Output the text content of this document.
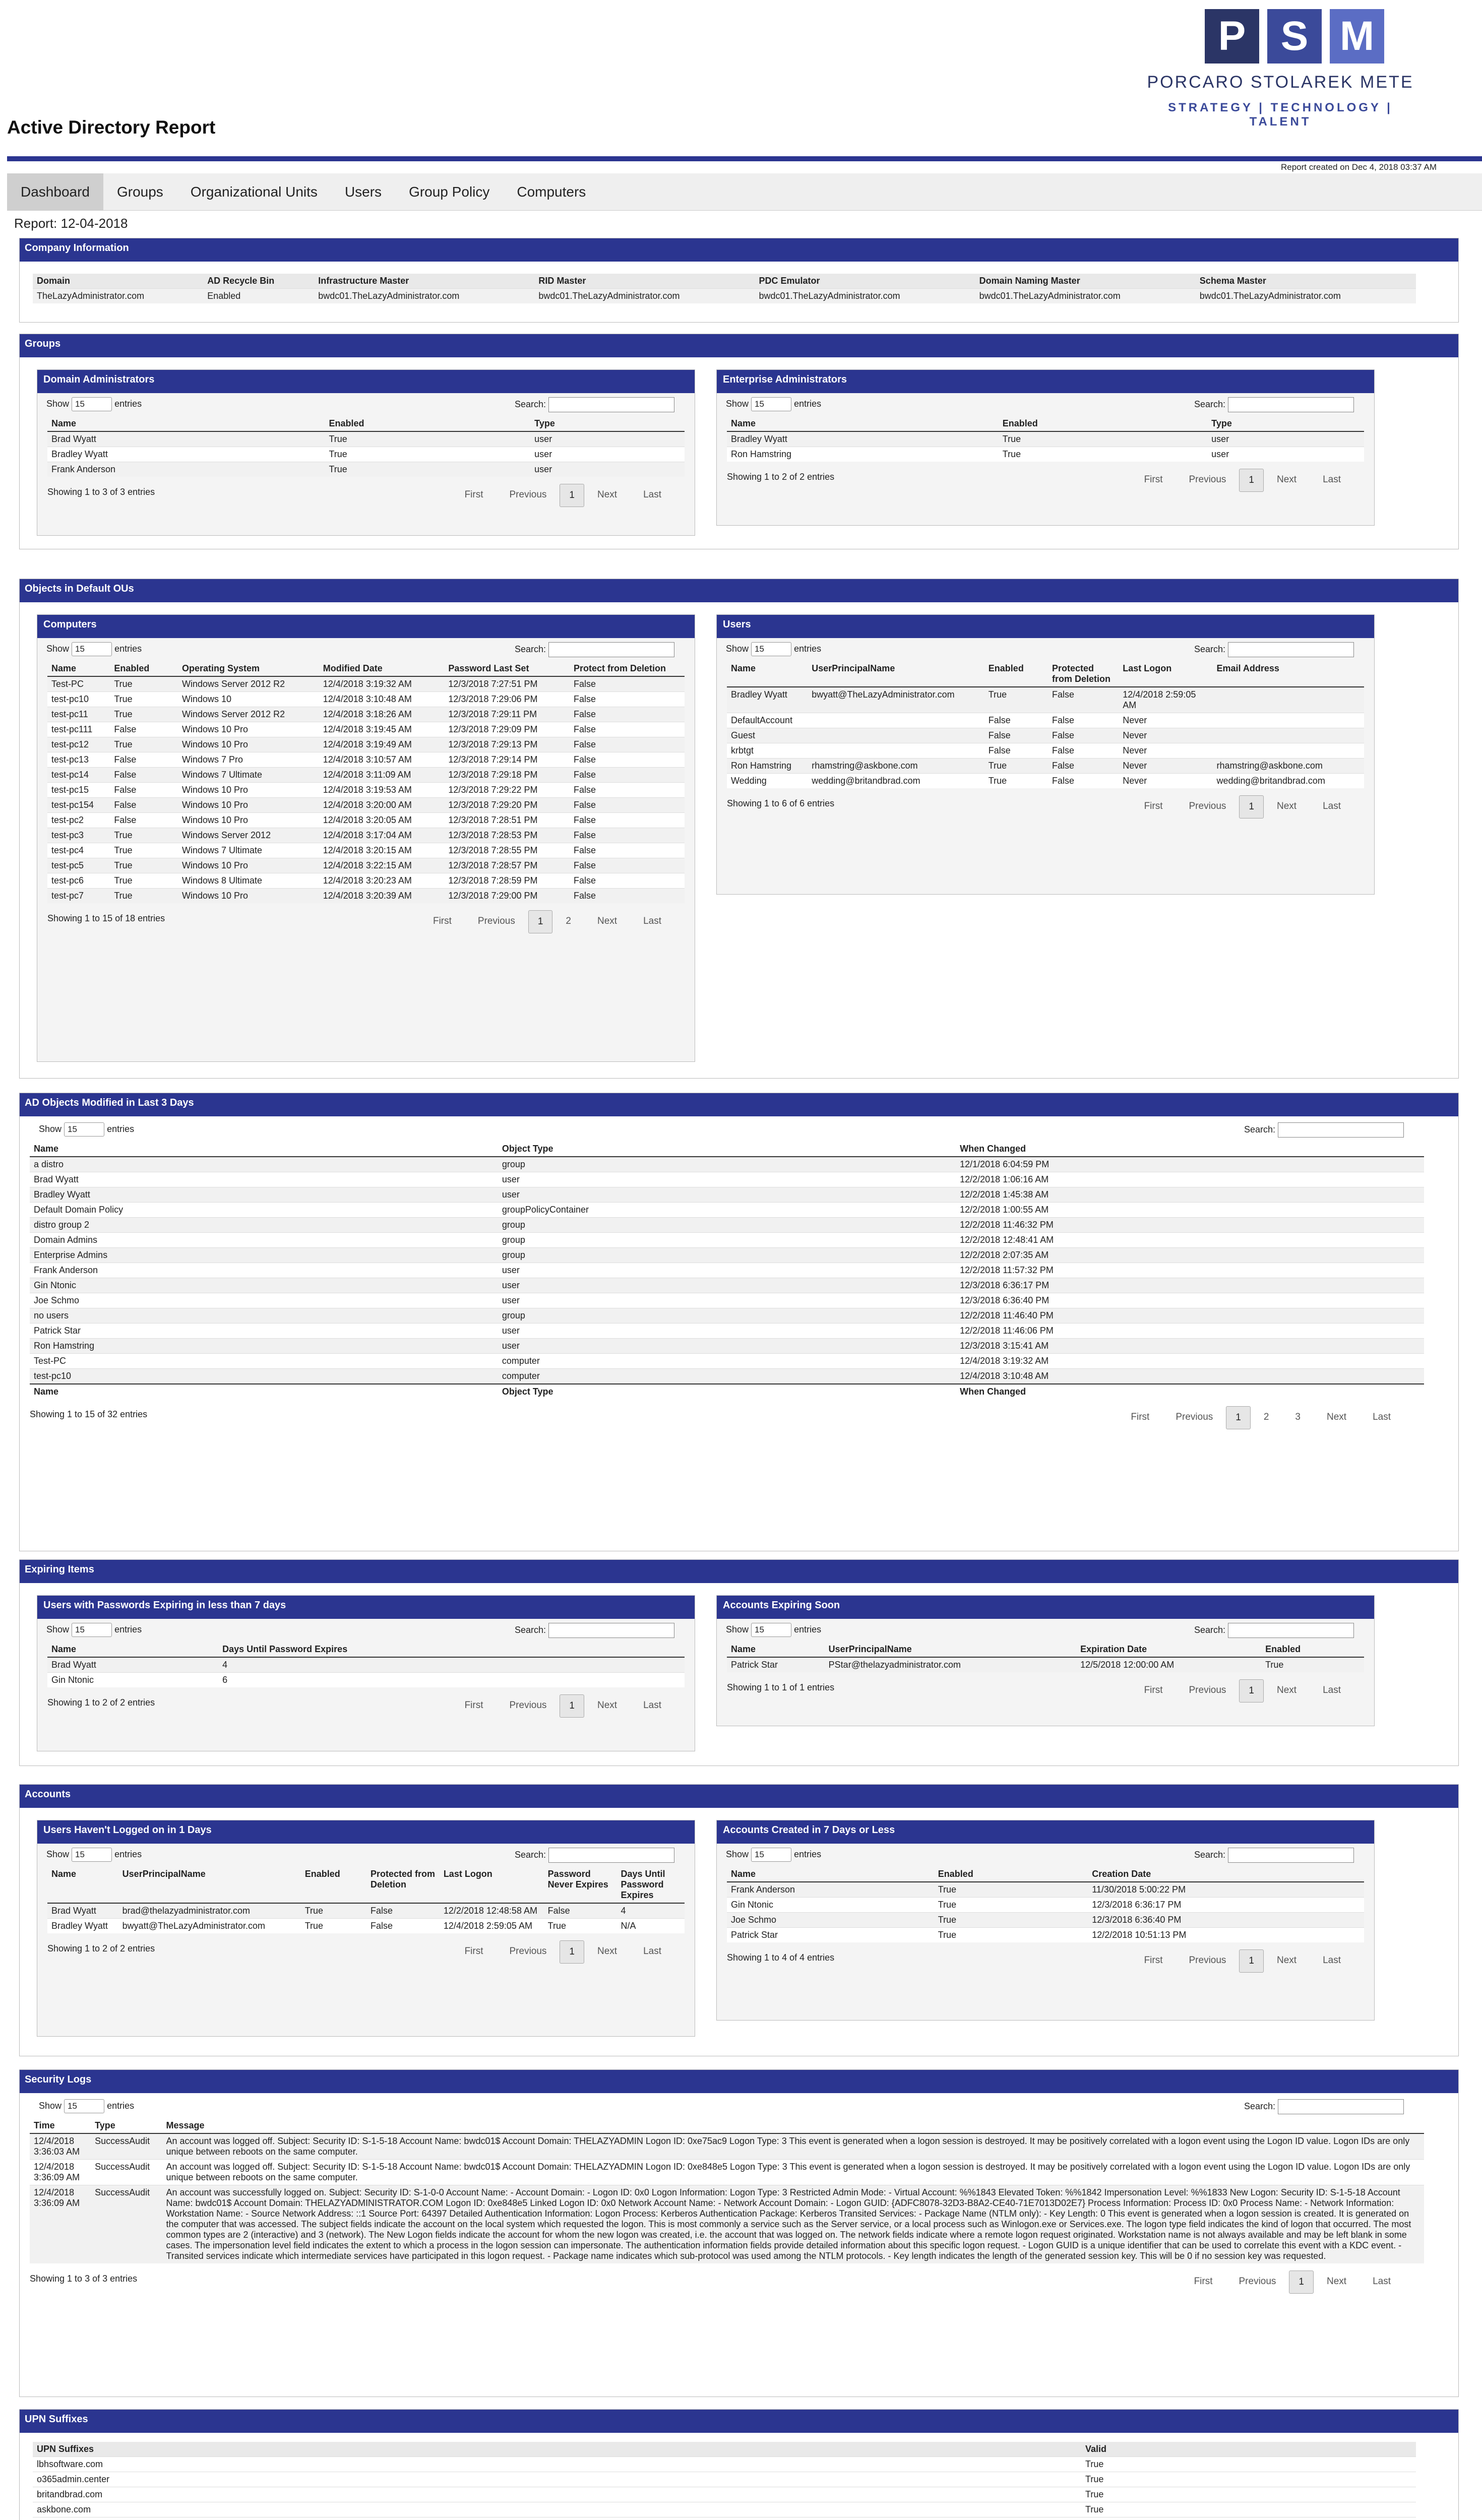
P S M
PORCARO STOLAREK METE
STRATEGY | TECHNOLOGY | TALENT
Active Directory Report
Report created on Dec 4, 2018 03:37 AM
Dashboard	Groups	Organizational Units	Users	Group Policy	Computers
Report: 12-04-2018
Company Information
Domain	AD Recycle Bin	Infrastructure Master	RID Master	PDC Emulator	Domain Naming Master	Schema Master
TheLazyAdministrator.com	Enabled	bwdc01.TheLazyAdministrator.com	bwdc01.TheLazyAdministrator.com	bwdc01.TheLazyAdministrator.com	bwdc01.TheLazyAdministrator.com	bwdc01.TheLazyAdministrator.com
Groups
Domain Administrators
Show 15	entries	Search:
Name	Enabled	Type
Brad Wyatt	True	user
Bradley Wyatt	True	user
Frank Anderson	True	user
Showing 1 to 3 of 3 entries	First	Previous	1	Next	Last
Enterprise Administrators
Show 15	entries	Search:
Name	Enabled	Type
Bradley Wyatt	True	user
Ron Hamstring	True	user
Showing 1 to 2 of 2 entries	First	Previous	1	Next	Last
Objects in Default OUs
Computers
Show 15	entries	Search:
Name	Enabled	Operating System	Modified Date	Password Last Set	Protect from Deletion
Test-PC	True	Windows Server 2012 R2	12/4/2018 3:19:32 AM	12/3/2018 7:27:51 PM	False
test-pc10	True	Windows 10	12/4/2018 3:10:48 AM	12/3/2018 7:29:06 PM	False
test-pc11	True	Windows Server 2012 R2	12/4/2018 3:18:26 AM	12/3/2018 7:29:11 PM	False
test-pc111	False	Windows 10 Pro	12/4/2018 3:19:45 AM	12/3/2018 7:29:09 PM	False
test-pc12	True	Windows 10 Pro	12/4/2018 3:19:49 AM	12/3/2018 7:29:13 PM	False
test-pc13	False	Windows 7 Pro	12/4/2018 3:10:57 AM	12/3/2018 7:29:14 PM	False
test-pc14	False	Windows 7 Ultimate	12/4/2018 3:11:09 AM	12/3/2018 7:29:18 PM	False
test-pc15	False	Windows 10 Pro	12/4/2018 3:19:53 AM	12/3/2018 7:29:22 PM	False
test-pc154	False	Windows 10 Pro	12/4/2018 3:20:00 AM	12/3/2018 7:29:20 PM	False
test-pc2	False	Windows 10 Pro	12/4/2018 3:20:05 AM	12/3/2018 7:28:51 PM	False
test-pc3	True	Windows Server 2012	12/4/2018 3:17:04 AM	12/3/2018 7:28:53 PM	False
test-pc4	True	Windows 7 Ultimate	12/4/2018 3:20:15 AM	12/3/2018 7:28:55 PM	False
test-pc5	True	Windows 10 Pro	12/4/2018 3:22:15 AM	12/3/2018 7:28:57 PM	False
test-pc6	True	Windows 8 Ultimate	12/4/2018 3:20:23 AM	12/3/2018 7:28:59 PM	False
test-pc7	True	Windows 10 Pro	12/4/2018 3:20:39 AM	12/3/2018 7:29:00 PM	False
Showing 1 to 15 of 18 entries	First	Previous	1	2	Next	Last
Users
Show 15	entries	Search:
Name	UserPrincipalName	Enabled	Protected from Deletion	Last Logon	Email Address
Bradley Wyatt	bwyatt@TheLazyAdministrator.com	True	False	12/4/2018 2:59:05 AM	
DefaultAccount		False	False	Never	
Guest		False	False	Never	
krbtgt		False	False	Never	
Ron Hamstring	rhamstring@askbone.com	True	False	Never	rhamstring@askbone.com
Wedding	wedding@britandbrad.com	True	False	Never	wedding@britandbrad.com
Showing 1 to 6 of 6 entries	First	Previous	1	Next	Last
AD Objects Modified in Last 3 Days
Show 15	entries	Search:
Name	Object Type	When Changed
a distro	group	12/1/2018 6:04:59 PM
Brad Wyatt	user	12/2/2018 1:06:16 AM
Bradley Wyatt	user	12/2/2018 1:45:38 AM
Default Domain Policy	groupPolicyContainer	12/2/2018 1:00:55 AM
distro group 2	group	12/2/2018 11:46:32 PM
Domain Admins	group	12/2/2018 12:48:41 AM
Enterprise Admins	group	12/2/2018 2:07:35 AM
Frank Anderson	user	12/2/2018 11:57:32 PM
Gin Ntonic	user	12/3/2018 6:36:17 PM
Joe Schmo	user	12/3/2018 6:36:40 PM
no users	group	12/2/2018 11:46:40 PM
Patrick Star	user	12/2/2018 11:46:06 PM
Ron Hamstring	user	12/3/2018 3:15:41 AM
Test-PC	computer	12/4/2018 3:19:32 AM
test-pc10	computer	12/4/2018 3:10:48 AM
Name	Object Type	When Changed
Showing 1 to 15 of 32 entries	First	Previous	1	2	3	Next	Last
Expiring Items
Users with Passwords Expiring in less than 7 days
Show 15	entries	Search:
Name	Days Until Password Expires
Brad Wyatt	4
Gin Ntonic	6
Showing 1 to 2 of 2 entries	First	Previous	1	Next	Last
Accounts Expiring Soon
Show 15	entries	Search:
Name	UserPrincipalName	Expiration Date	Enabled
Patrick Star	PStar@thelazyadministrator.com	12/5/2018 12:00:00 AM	True
Showing 1 to 1 of 1 entries	First	Previous	1	Next	Last
Accounts
Users Haven't Logged on in 1 Days
Show 15	entries	Search:
Name	UserPrincipalName	Enabled	Protected from Deletion	Last Logon	Password Never Expires	Days Until Password Expires
Brad Wyatt	brad@thelazyadministrator.com	True	False	12/2/2018 12:48:58 AM	False	4
Bradley Wyatt	bwyatt@TheLazyAdministrator.com	True	False	12/4/2018 2:59:05 AM	True	N/A
Showing 1 to 2 of 2 entries	First	Previous	1	Next	Last
Accounts Created in 7 Days or Less
Show 15	entries	Search:
Name	Enabled	Creation Date
Frank Anderson	True	11/30/2018 5:00:22 PM
Gin Ntonic	True	12/3/2018 6:36:17 PM
Joe Schmo	True	12/3/2018 6:36:40 PM
Patrick Star	True	12/2/2018 10:51:13 PM
Showing 1 to 4 of 4 entries	First	Previous	1	Next	Last
Security Logs
Show 15	entries	Search:
Time	Type	Message
12/4/2018 3:36:03 AM	SuccessAudit	An account was logged off. Subject: Security ID: S-1-5-18 Account Name: bwdc01$ Account Domain: THELAZYADMIN Logon ID: 0xe75ac9 Logon Type: 3 This event is generated when a logon session is destroyed. It may be positively correlated with a logon event using the Logon ID value. Logon IDs are only unique between reboots on the same computer.
12/4/2018 3:36:09 AM	SuccessAudit	An account was logged off. Subject: Security ID: S-1-5-18 Account Name: bwdc01$ Account Domain: THELAZYADMIN Logon ID: 0xe848e5 Logon Type: 3 This event is generated when a logon session is destroyed. It may be positively correlated with a logon event using the Logon ID value. Logon IDs are only unique between reboots on the same computer.
12/4/2018 3:36:09 AM	SuccessAudit	An account was successfully logged on. Subject: Security ID: S-1-0-0 Account Name: - Account Domain: - Logon ID: 0x0 Logon Information: Logon Type: 3 Restricted Admin Mode: - Virtual Account: %%1843 Elevated Token: %%1842 Impersonation Level: %%1833 New Logon: Security ID: S-1-5-18 Account Name: bwdc01$ Account Domain: THELAZYADMINISTRATOR.COM Logon ID: 0xe848e5 Linked Logon ID: 0x0 Network Account Name: - Network Account Domain: - Logon GUID: {ADFC8078-32D3-B8A2-CE40-71E7013D02E7} Process Information: Process ID: 0x0 Process Name: - Network Information: Workstation Name: - Source Network Address: ::1 Source Port: 64397 Detailed Authentication Information: Logon Process: Kerberos Authentication Package: Kerberos Transited Services: - Package Name (NTLM only): - Key Length: 0 This event is generated when a logon session is created. It is generated on the computer that was accessed. The subject fields indicate the account on the local system which requested the logon. This is most commonly a service such as the Server service, or a local process such as Winlogon.exe or Services.exe. The logon type field indicates the kind of logon that occurred. The most common types are 2 (interactive) and 3 (network). The New Logon fields indicate the account for whom the new logon was created, i.e. the account that was logged on. The network fields indicate where a remote logon request originated. Workstation name is not always available and may be left blank in some cases. The impersonation level field indicates the extent to which a process in the logon session can impersonate. The authentication information fields provide detailed information about this specific logon request. - Logon GUID is a unique identifier that can be used to correlate this event with a KDC event. - Transited services indicate which intermediate services have participated in this logon request. - Package name indicates which sub-protocol was used among the NTLM protocols. - Key length indicates the length of the generated session key. This will be 0 if no session key was requested.
Showing 1 to 3 of 3 entries	First	Previous	1	Next	Last
UPN Suffixes
UPN Suffixes	Valid
lbhsoftware.com	True
o365admin.center	True
britandbrad.com	True
askbone.com	True
